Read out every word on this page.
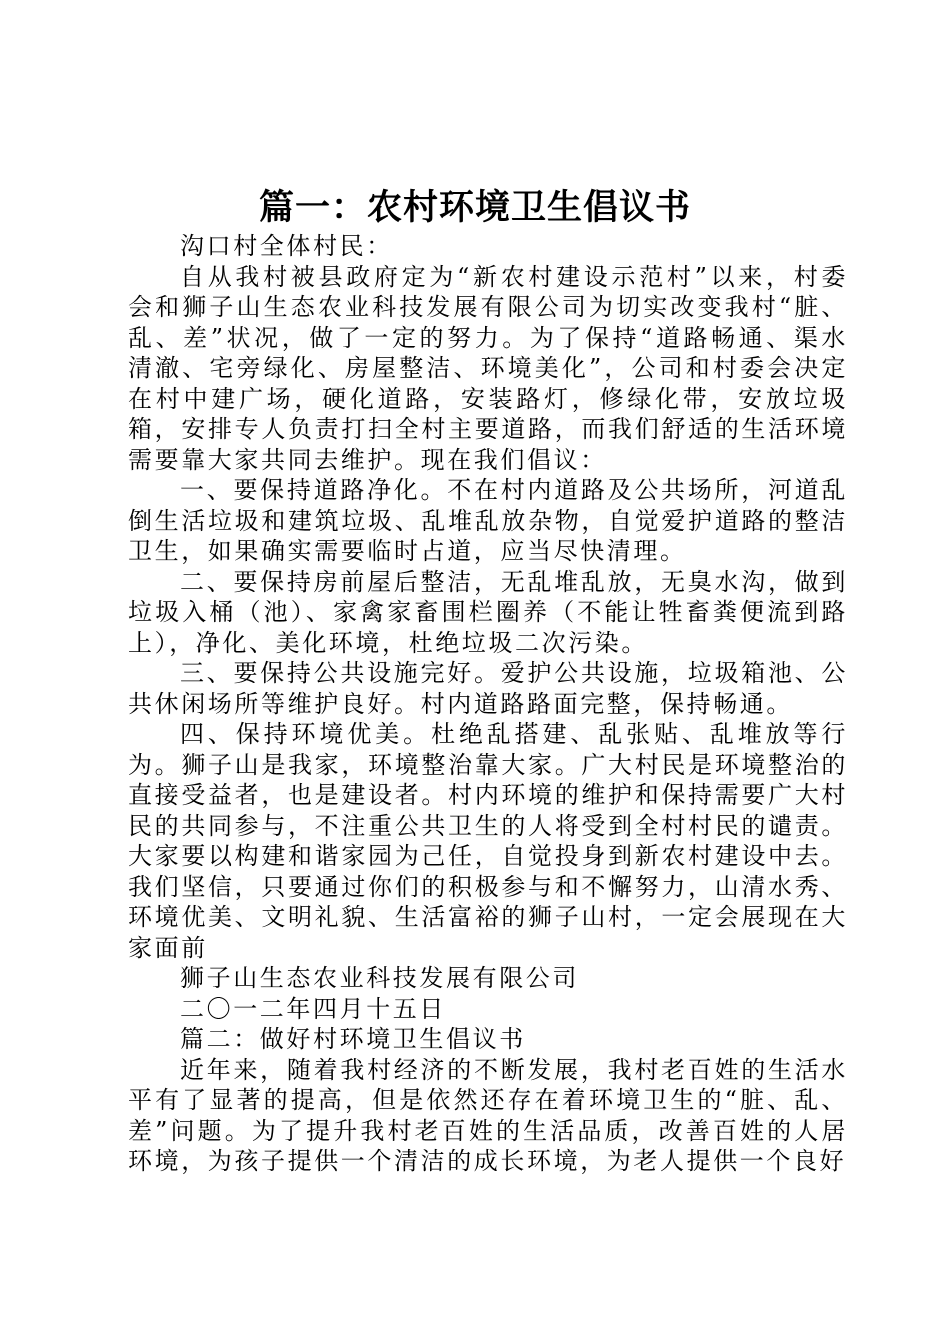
篇一：农村环境卫生倡议书

沟口村全体村民：

自从我村被县政府定为“新农村建设示范村”以来，村委会和狮子山生态农业科技发展有限公司为切实改变我村“脏、乱、差”状况，做了一定的努力。为了保持“道路畅通、渠水清澈、宅旁绿化、房屋整洁、环境美化”，公司和村委会决定在村中建广场，硬化道路，安装路灯，修绿化带，安放垃圾箱，安排专人负责打扫全村主要道路，而我们舒适的生活环境需要靠大家共同去维护。现在我们倡议：

一、要保持道路净化。不在村内道路及公共场所，河道乱倒生活垃圾和建筑垃圾、乱堆乱放杂物，自觉爱护道路的整洁卫生，如果确实需要临时占道，应当尽快清理。

二、要保持房前屋后整洁，无乱堆乱放，无臭水沟，做到垃圾入桶（池）、家禽家畜围栏圈养（不能让牲畜粪便流到路上），净化、美化环境，杜绝垃圾二次污染。

三、要保持公共设施完好。爱护公共设施，垃圾箱池、公共休闲场所等维护良好。村内道路路面完整，保持畅通。

四、保持环境优美。杜绝乱搭建、乱张贴、乱堆放等行为。狮子山是我家，环境整治靠大家。广大村民是环境整治的直接受益者，也是建设者。村内环境的维护和保持需要广大村民的共同参与，不注重公共卫生的人将受到全村村民的谴责。大家要以构建和谐家园为己任，自觉投身到新农村建设中去。我们坚信，只要通过你们的积极参与和不懈努力，山清水秀、环境优美、文明礼貌、生活富裕的狮子山村，一定会展现在大家面前

狮子山生态农业科技发展有限公司

二〇一二年四月十五日

篇二：做好村环境卫生倡议书

近年来，随着我村经济的不断发展，我村老百姓的生活水平有了显著的提高，但是依然还存在着环境卫生的“脏、乱、差”问题。为了提升我村老百姓的生活品质，改善百姓的人居环境，为孩子提供一个清洁的成长环境，为老人提供一个良好
